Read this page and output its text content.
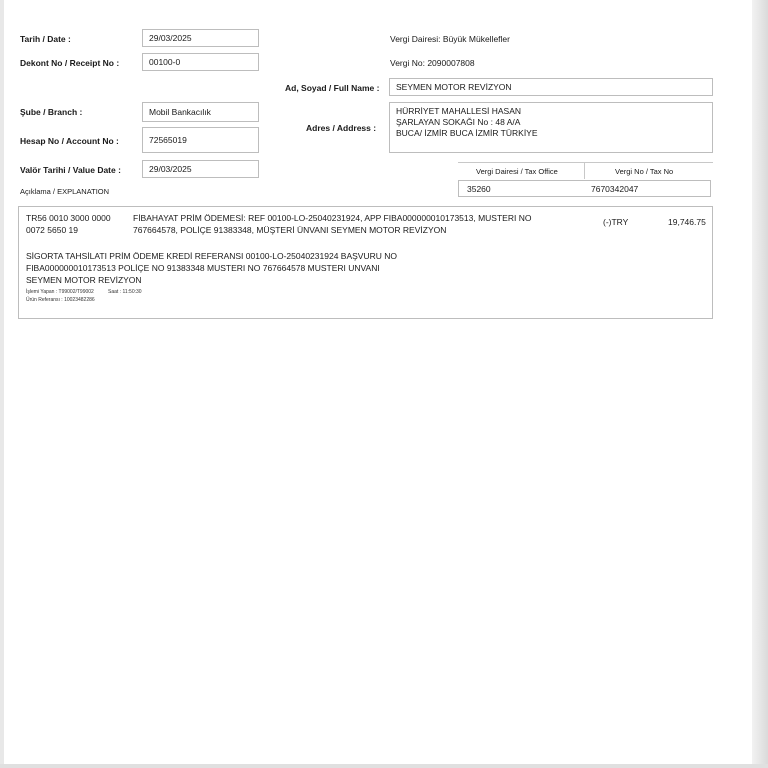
Tarih / Date :	29/03/2025
Dekont No / Receipt No :	00100-0
Şube / Branch :	Mobil Bankacılık
Hesap No / Account No :	72565019
Valör Tarihi / Value Date :	29/03/2025
Açıklama / EXPLANATION
Vergi Dairesi: Büyük Mükellefler
Vergi No: 2090007808
Ad, Soyad / Full Name : SEYMEN MOTOR REVİZYON
Adres / Address :
HÜRRİYET MAHALLESİ HASAN
ŞARLAYAN SOKAĞI No : 48 A/A
BUCA/ İZMİR BUCA İZMİR TÜRKİYE
Vergi Dairesi / Tax Office	Vergi No / Tax No
35260	7670342047
TR56 0010 3000 0000
0072 5650 19
FİBAHAYAT PRİM ÖDEMESİ: REF 00100-LO-25040231924, APP FIBA000000010173513, MUSTERI NO
767664578, POLİÇE 91383348, MÜŞTERİ ÜNVANI SEYMEN MOTOR REVİZYON
(-)TRY	19,746.75
SİGORTA TAHSİLATI PRİM ÖDEME KREDİ REFERANSI 00100-LO-25040231924 BAŞVURU NO
FIBA000000010173513 POLİÇE NO 91383348 MUSTERI NO 767664578 MUSTERI UNVANI
SEYMEN MOTOR REVİZYON
İşlemi Yapan : T99002/T99002	Saat : 11:50:30
Ürün Referansı : 10023482286
